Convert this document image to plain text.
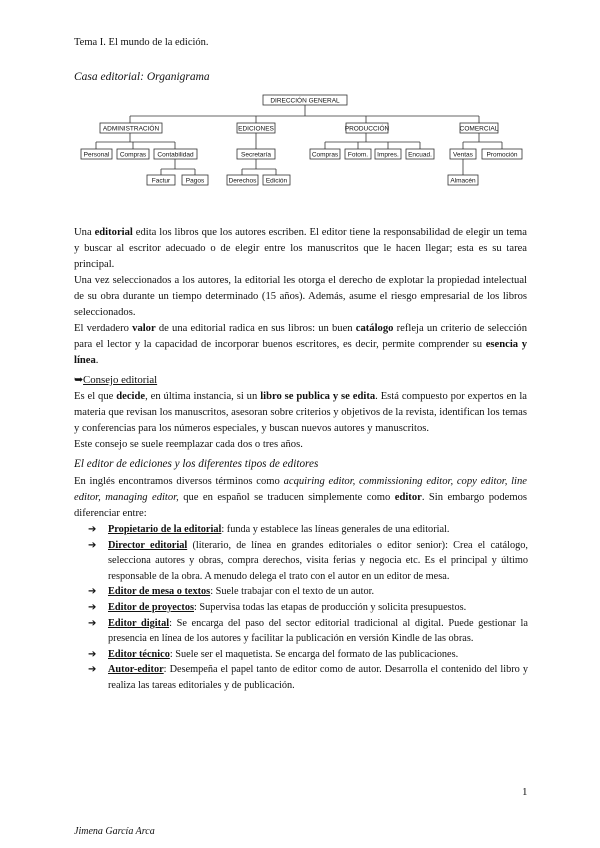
Tema I. El mundo de la edición.
Casa editorial: Organigrama
DIRECCIÓN GENERAL
ADMINISTRACIÓN	EDICIONES	PRODUCCIÓN	COMERCIAL
Personal Compras Contabilidad
Factur Pagos
Secretaría
Derechos Edición
Compras Fotom. Impres. Encuad.	Ventas Promoción
Almacén

Una editorial edita los libros que los autores escriben. El editor tiene la responsabilidad de elegir un tema y buscar al escritor adecuado o de elegir entre los manuscritos que le hacen llegar; esta es su tarea principal.

Una vez seleccionados a los autores, la editorial les otorga el derecho de explotar la propiedad intelectual de su obra durante un tiempo determinado (15 años). Además, asume el riesgo empresarial de los libros seleccionados.

El verdadero valor de una editorial radica en sus libros: un buen catálogo refleja un criterio de selección para el lector y la capacidad de incorporar buenos escritores, es decir, permite comprender su esencia y línea.

➥Consejo editorial

Es el que decide, en última instancia, si un libro se publica y se edita. Está compuesto por expertos en la materia que revisan los manuscritos, asesoran sobre criterios y objetivos de la revista, identifican los temas y conferencias para los números especiales, y buscan nuevos autores y manuscritos.

Este consejo se suele reemplazar cada dos o tres años.

El editor de ediciones y los diferentes tipos de editores

En inglés encontramos diversos términos como acquiring editor, commissioning editor, copy editor, line editor, managing editor, que en español se traducen simplemente como editor. Sin embargo podemos diferenciar entre:

➔ Propietario de la editorial: funda y establece las líneas generales de una editorial.
➔ Director editorial (literario, de línea en grandes editoriales o editor senior): Crea el catálogo, selecciona autores y obras, compra derechos, visita ferias y negocia etc. Es el principal y último responsable de la obra. A menudo delega el trato con el autor en un editor de mesa.
➔ Editor de mesa o textos: Suele trabajar con el texto de un autor.
➔ Editor de proyectos: Supervisa todas las etapas de producción y solicita presupuestos.
➔ Editor digital: Se encarga del paso del sector editorial tradicional al digital. Puede gestionar la presencia en línea de los autores y facilitar la publicación en versión Kindle de las obras.
➔ Editor técnico: Suele ser el maquetista. Se encarga del formato de las publicaciones.
➔ Autor-editor: Desempeña el papel tanto de editor como de autor. Desarrolla el contenido del libro y realiza las tareas editoriales y de publicación.
1
Jimena García Arca
